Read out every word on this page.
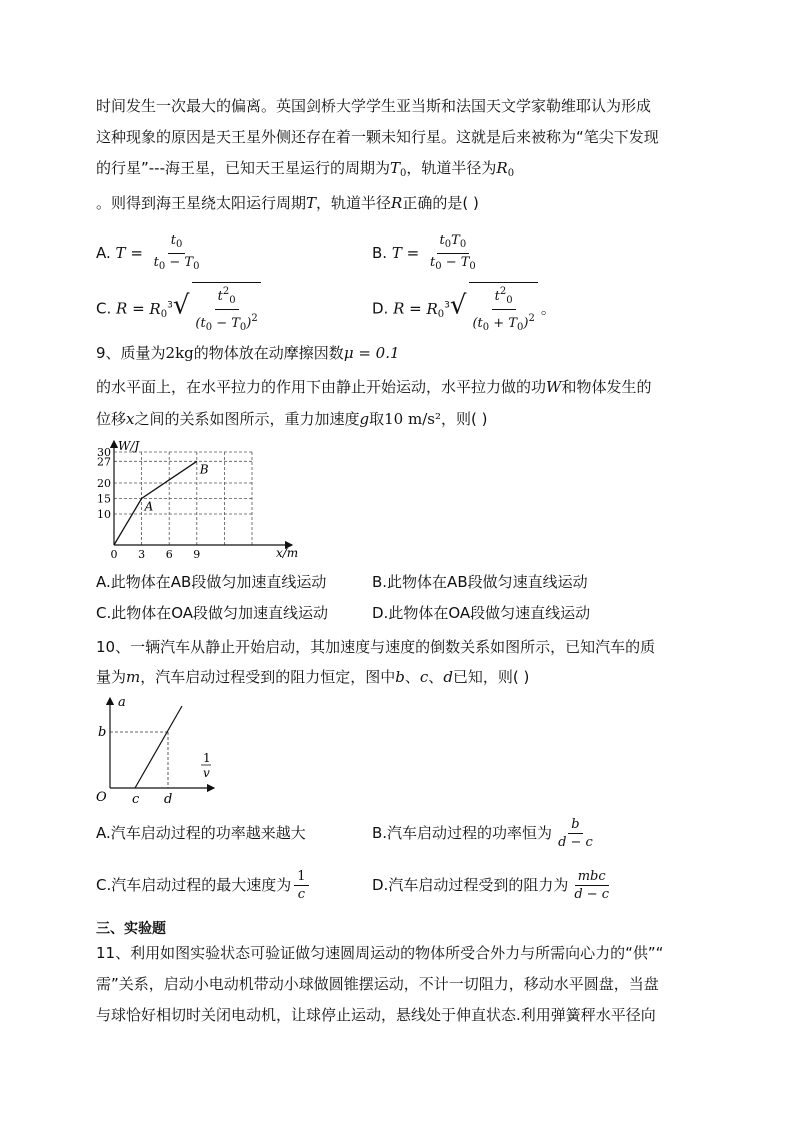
时间发生一次最大的偏离。英国剑桥大学学生亚当斯和法国天文学家勒维耶认为形成
这种现象的原因是天王星外侧还存在着一颗未知行星。这就是后来被称为“笔尖下发现
的行星”---海王星，已知天王星运行的周期为$T_0$，轨道半径为$R_0$
。则得到海王星绕太阳运行周期T，轨道半径R正确的是( )
A. $T = \frac{t_0}{t_0 - T_0}$	B. $T = \frac{t_0T_0}{t_0 - T_0}$
C. $R = R_0^3√ \frac{t^2_0}{(t_0 - T_0)^2}$	D. $R = R_0^3√ \frac{t^2_0}{(t_0 + T_0)^2}$ 。
9、质量为2kg的物体放在动摩擦因数μ = 0.1
的水平面上，在水平拉力的作用下由静止开始运动，水平拉力做的功W和物体发生的
位移x之间的关系如图所示，重力加速度g取10 m/s²，则( )
10
15
20
27
30
0 3 6 9
A
B
W/J
x/m
A.此物体在AB段做匀加速直线运动	B.此物体在AB段做匀速直线运动
C.此物体在OA段做匀加速直线运动	D.此物体在OA段做匀速直线运动
10、一辆汽车从静止开始启动，其加速度与速度的倒数关系如图所示，已知汽车的质
量为m，汽车启动过程受到的阻力恒定，图中b、c、d已知，则( )
a
O
b
c d
1
v
A.汽车启动过程的功率越来越大	B.汽车启动过程的功率恒为 $\frac{b}{d - c}$
C.汽车启动过程的最大速度为 $\frac{1}{c}$	D.汽车启动过程受到的阻力为 $\frac{\text{mbc}}{d - c}$
三、实验题
11、利用如图实验状态可验证做匀速圆周运动的物体所受合外力与所需向心力的“供”“
需”关系，启动小电动机带动小球做圆锥摆运动，不计一切阻力，移动水平圆盘，当盘
与球恰好相切时关闭电动机，让球停止运动，悬线处于伸直状态.利用弹簧秤水平径向
